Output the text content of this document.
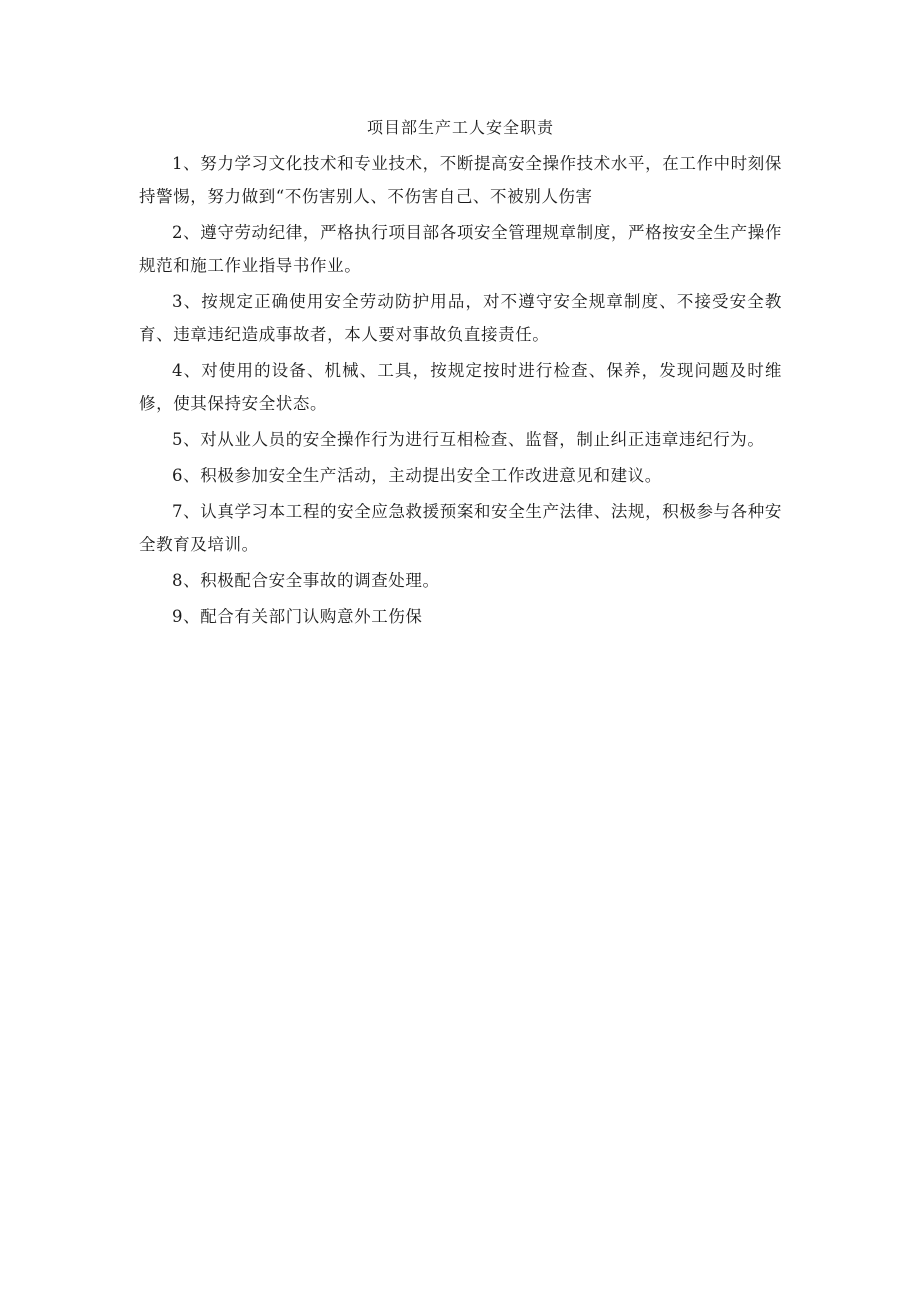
项目部生产工人安全职责

1、努力学习文化技术和专业技术，不断提高安全操作技术水平，在工作中时刻保持警惕，努力做到“不伤害别人、不伤害自己、不被别人伤害

2、遵守劳动纪律，严格执行项目部各项安全管理规章制度，严格按安全生产操作规范和施工作业指导书作业。

3、按规定正确使用安全劳动防护用品，对不遵守安全规章制度、不接受安全教育、违章违纪造成事故者，本人要对事故负直接责任。

4、对使用的设备、机械、工具，按规定按时进行检查、保养，发现问题及时维修，使其保持安全状态。

5、对从业人员的安全操作行为进行互相检查、监督，制止纠正违章违纪行为。

6、积极参加安全生产活动，主动提出安全工作改进意见和建议。

7、认真学习本工程的安全应急救援预案和安全生产法律、法规，积极参与各种安全教育及培训。

8、积极配合安全事故的调查处理。

9、配合有关部门认购意外工伤保
